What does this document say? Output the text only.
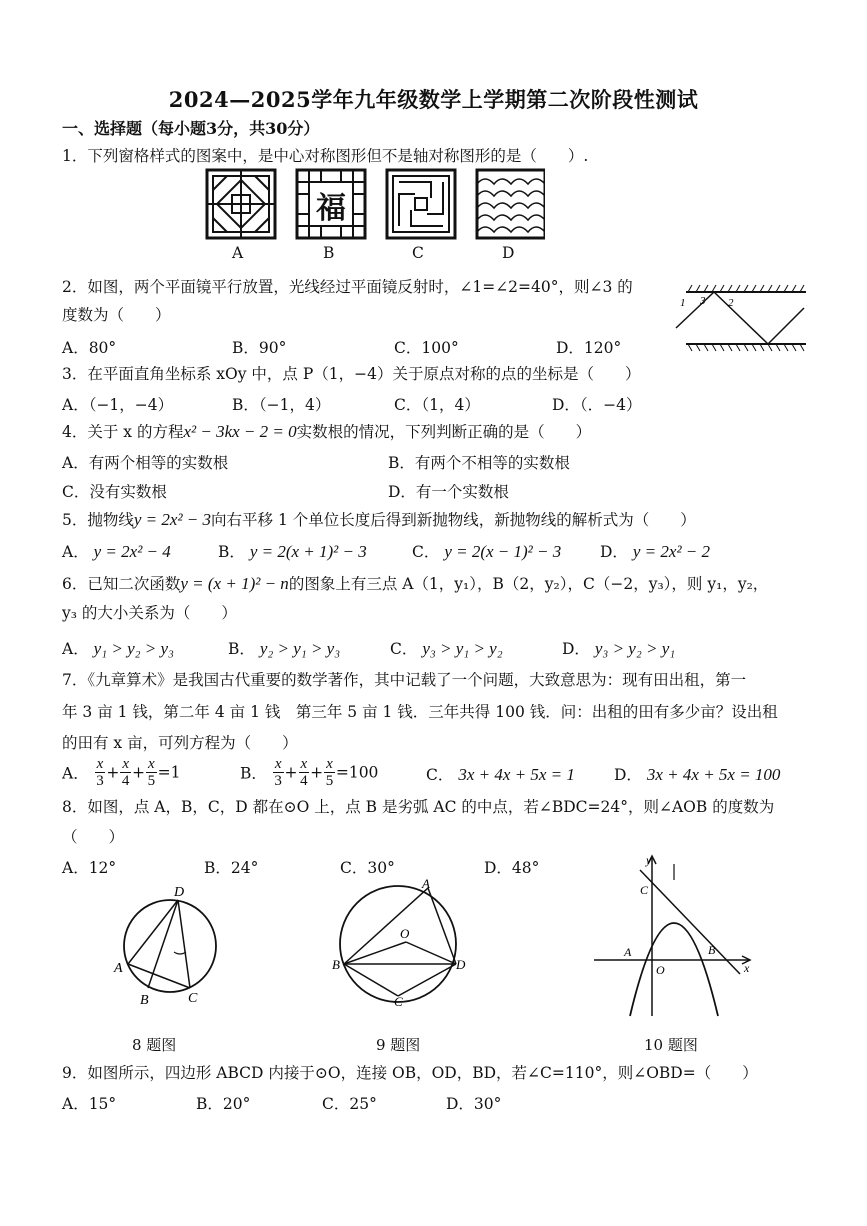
2024—2025学年九年级数学上学期第二次阶段性测试
一、选择题（每小题3分，共30分）
1．下列窗格样式的图案中，是中心对称图形但不是轴对称图形的是（　　）.
福
A	B	C	D
2．如图，两个平面镜平行放置，光线经过平面镜反射时，∠1=∠2=40°，则∠3 的
度数为（　　）
A．80°	B．90°	C．100°	D．120°
1 3 2
3．在平面直角坐标系 xOy 中，点 P（1，−4）关于原点对称的点的坐标是（　　）
A．（−1，−4）	B．（−1，4）	C．（1，4）	D．（．−4）
4．关于 x 的方程x² − 3kx − 2 = 0实数根的情况，下列判断正确的是（　　）
A．有两个相等的实数根	B．有两个不相等的实数根
C．没有实数根	D．有一个实数根
5．抛物线y = 2x² − 3向右平移 1 个单位长度后得到新抛物线，新抛物线的解析式为（　　）
A． y = 2x² − 4	B． y = 2(x + 1)² − 3	C． y = 2(x − 1)² − 3	D． y = 2x² − 2
6．已知二次函数y = (x + 1)² − n的图象上有三点 A（1，y₁），B（2，y₂），C（−2，y₃），则 y₁，y₂，
y₃ 的大小关系为（　　）
A． y₁ > y₂ > y₃	B． y₂ > y₁ > y₃	C． y₃ > y₁ > y₂	D． y₃ > y₂ > y₁
7．《九章算术》是我国古代重要的数学著作，其中记载了一个问题，大致意思为：现有田出租，第一
年 3 亩 1 钱，第二年 4 亩 1 钱　第三年 5 亩 1 钱．三年共得 100 钱．问：出租的田有多少亩？设出租
的田有 x 亩，可列方程为（　　）
A． $\frac{x}{3} + \frac{x}{4} + \frac{x}{5} =1$	B． $\frac{x}{3} + \frac{x}{4} + \frac{x}{5} =100$	C． 3x + 4x + 5x = 1	D． 3x + 4x + 5x = 100
8．如图，点 A，B，C，D 都在⊙O 上，点 B 是劣弧 AC 的中点，若∠BDC=24°，则∠AOB 的度数为
（　　）
A．12°	B．24°	C．30°	D．48°
D
A
B	C
A
O
B	D
C
y
C
A
O
B
x
8 题图	9 题图	10 题图
9．如图所示，四边形 ABCD 内接于⊙O，连接 OB，OD，BD，若∠C=110°，则∠OBD=（　　）
A．15°	B．20°	C．25°	D．30°
